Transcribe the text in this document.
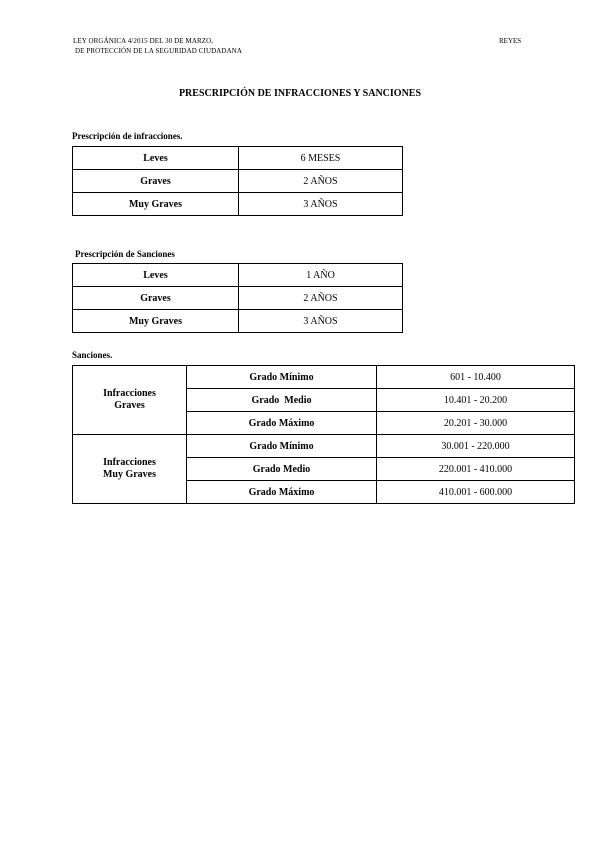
LEY ORGÁNICA 4/2015 DEL 30 DE MARZO,
DE PROTECCIÓN DE LA SEGURIDAD CIUDADANA
REYES
PRESCRIPCIÓN DE INFRACCIONES Y SANCIONES
Prescripción de infracciones.
Leves	6 MESES
Graves	2 AÑOS
Muy Graves	3 AÑOS
Prescripción de Sanciones
Leves	1 AÑO
Graves	2 AÑOS
Muy Graves	3 AÑOS
Sanciones.
Infracciones
Graves	Grado Mínimo	601 - 10.400
	Grado  Medio	10.401 - 20.200
	Grado Máximo	20.201 - 30.000

Infracciones
Muy Graves	Grado Mínimo	30.001 - 220.000
	Grado Medio	220.001 - 410.000
	Grado Máximo	410.001 - 600.000
